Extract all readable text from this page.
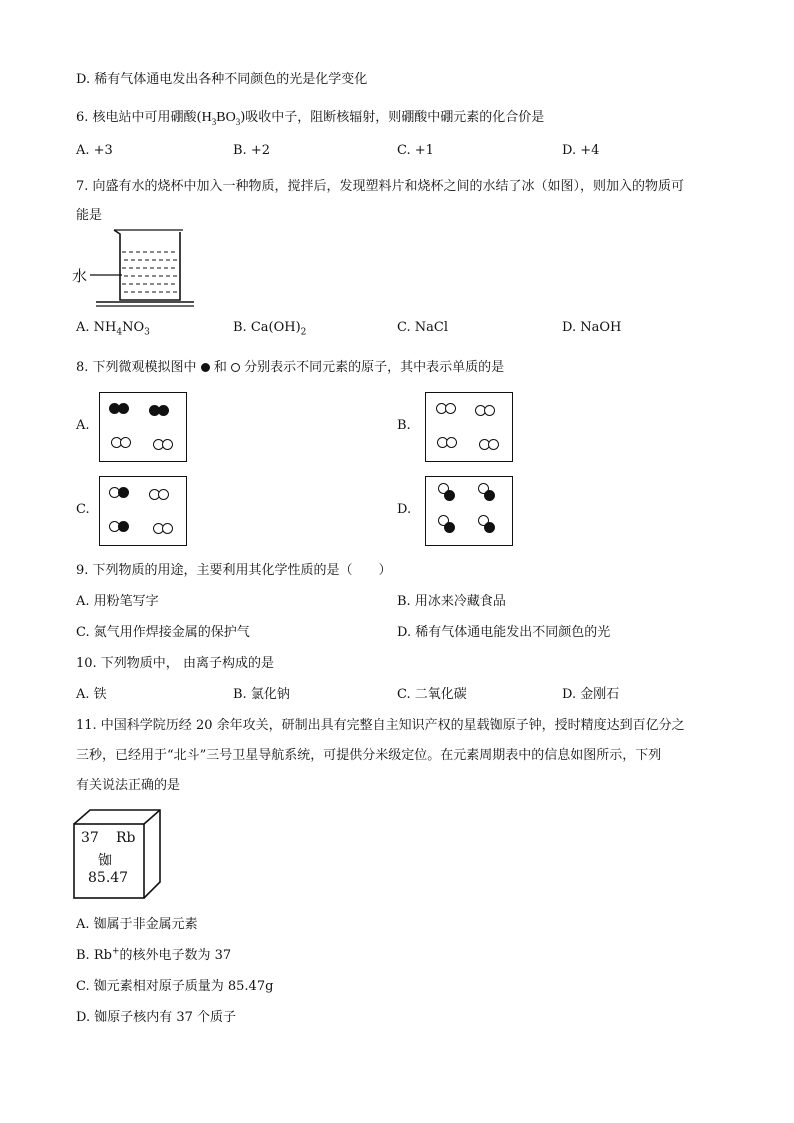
D. 稀有气体通电发出各种不同颜色的光是化学变化
6. 核电站中可用硼酸$(H_3BO_3)$吸收中子，阻断核辐射，则硼酸中硼元素的化合价是
A. +3	B. +2	C. +1	D. +4
7. 向盛有水的烧杯中加入一种物质，搅拌后，发现塑料片和烧杯之间的水结了冰（如图），则加入的物质可
能是
水
A. $NH_4NO_3$	B. $Ca(OH)_2$	C. NaCl	D. NaOH
8. 下列微观模拟图中 和 分别表示不同元素的原子，其中表示单质的是
A.	B.
C.	D.
9. 下列物质的用途，主要利用其化学性质的是（　　）
A. 用粉笔写字	B. 用冰来冷藏食品
C. 氮气用作焊接金属的保护气	D. 稀有气体通电能发出不同颜色的光
10. 下列物质中， 由离子构成的是
A. 铁	B. 氯化钠	C. 二氧化碳	D. 金刚石
11. 中国科学院历经 20 余年攻关，研制出具有完整自主知识产权的星载铷原子钟，授时精度达到百亿分之
三秒，已经用于“北斗”三号卫星导航系统，可提供分米级定位。在元素周期表中的信息如图所示，下列
有关说法正确的是
37 Rb
铷
85.47
A. 铷属于非金属元素
B. Rb+的核外电子数为 37
C. 铷元素相对原子质量为 85.47g
D. 铷原子核内有 37 个质子
